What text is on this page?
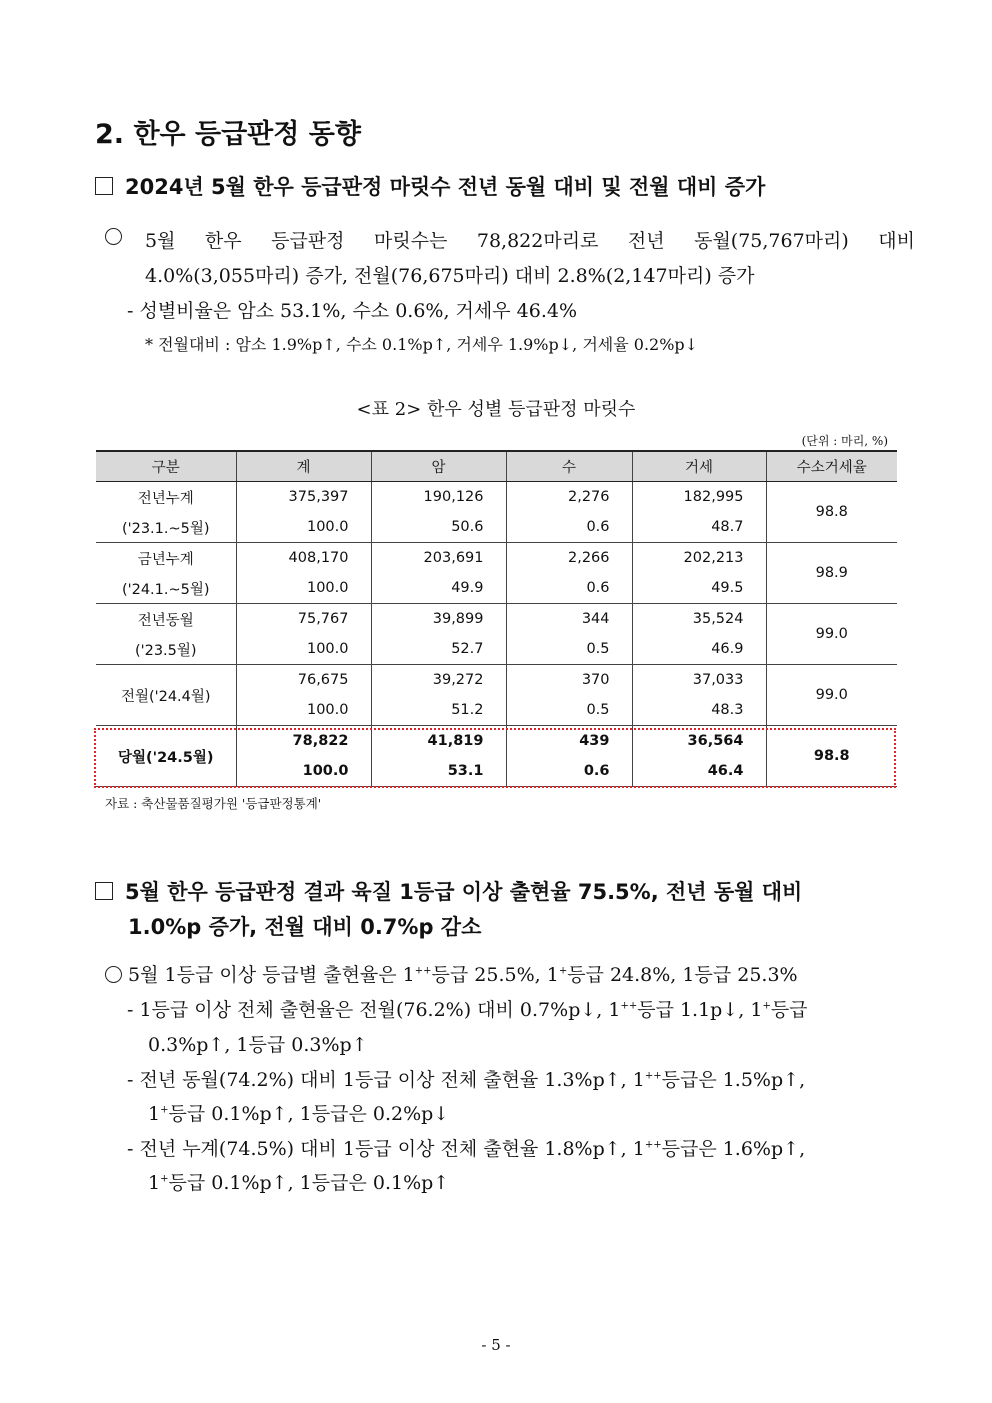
2. 한우 등급판정 동향
2024년 5월 한우 등급판정 마릿수 전년 동월 대비 및 전월 대비 증가
5월 한우 등급판정 마릿수는 78,822마리로 전년 동월(75,767마리) 대비
4.0%(3,055마리) 증가, 전월(76,675마리) 대비 2.8%(2,147마리) 증가
- 성별비율은 암소 53.1%, 수소 0.6%, 거세우 46.4%
* 전월대비 : 암소 1.9%p↑, 수소 0.1%p↑, 거세우 1.9%p↓, 거세율 0.2%p↓
<표 2> 한우 성별 등급판정 마릿수
(단위 : 마리, %)
구분	계	암	수	거세	수소거세율
전년누계	375,397	190,126	2,276	182,995	98.8
('23.1.~5월)	100.0	50.6	0.6	48.7	
금년누계	408,170	203,691	2,266	202,213	98.9
('24.1.~5월)	100.0	49.9	0.6	49.5	
전년동월	75,767	39,899	344	35,524	99.0
('23.5월)	100.0	52.7	0.5	46.9	
전월('24.4월)	76,675	39,272	370	37,033	99.0
	100.0	51.2	0.5	48.3	
당월('24.5월)	78,822	41,819	439	36,564	98.8
	100.0	53.1	0.6	46.4	
자료 : 축산물품질평가원 '등급판정통계'
5월 한우 등급판정 결과 육질 1등급 이상 출현율 75.5%, 전년 동월 대비
1.0%p 증가, 전월 대비 0.7%p 감소
5월 1등급 이상 등급별 출현율은 1++등급 25.5%, 1+등급 24.8%, 1등급 25.3%
- 1등급 이상 전체 출현율은 전월(76.2%) 대비 0.7%p↓, 1++등급 1.1p↓, 1+등급
0.3%p↑, 1등급 0.3%p↑
- 전년 동월(74.2%) 대비 1등급 이상 전체 출현율 1.3%p↑, 1++등급은 1.5%p↑,
1+등급 0.1%p↑, 1등급은 0.2%p↓
- 전년 누계(74.5%) 대비 1등급 이상 전체 출현율 1.8%p↑, 1++등급은 1.6%p↑,
1+등급 0.1%p↑, 1등급은 0.1%p↑
- 5 -
